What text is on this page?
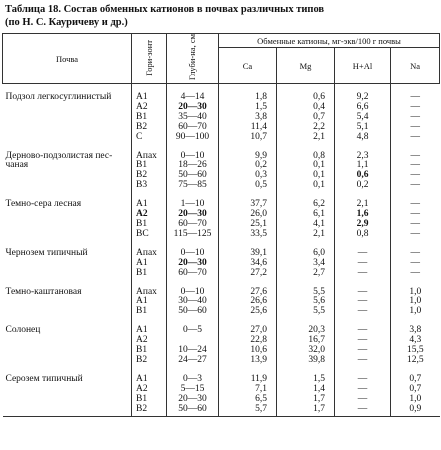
Таблица 18. Состав обменных катионов в почвах различных типов
(по Н. С. Кауричеву и др.)
Почва	Гори-зонт	Глуби-на, см	Обменные катионы, мг-экв/100 г почвы			
			Ca	Mg	H+Al	Na
Подзол легкосуглинистый	A1	4—14	1,8	0,6	9,2	—
	A2	20—30	1,5	0,4	6,6	—
	B1	35—40	3,8	0,7	5,4	—
	B2	60—70	11,4	2,2	5,1	—
	C	90—100	10,7	2,1	4,8	—
Дерново-подзолистая пес-	Aпах	0—10	9,9	0,8	2,3	—
чаная	B1	18—26	0,2	0,1	1,1	—
	B2	50—60	0,3	0,1	0,6	—
	B3	75—85	0,5	0,1	0,2	—
Темно-сера лесная	A1	1—10	37,7	6,2	2,1	—
	A2	20—30	26,0	6,1	1,6	—
	B1	60—70	25,1	4,1	2,9	—
	BC	115—125	33,5	2,1	0,8	—
Чернозем типичный	Aпах	0—10	39,1	6,0	—	—
	A1	20—30	34,6	3,4	—	—
	B1	60—70	27,2	2,7	—	—
Темно-каштановая	Aпах	0—10	27,6	5,5	—	1,0
	A1	30—40	26,6	5,6	—	1,0
	B1	50—60	25,6	5,5	—	1,0
Солонец	A1	0—5	27,0	20,3	—	3,8
	A2		22,8	16,7	—	4,3
	B1	10—24	10,6	32,0	—	15,5
	B2	24—27	13,9	39,8	—	12,5
Серозем типичный	A1	0—3	11,9	1,5	—	0,7
	A2	5—15	7,1	1,4	—	0,7
	B1	20—30	6,5	1,7	—	1,0
	B2	50—60	5,7	1,7	—	0,9
